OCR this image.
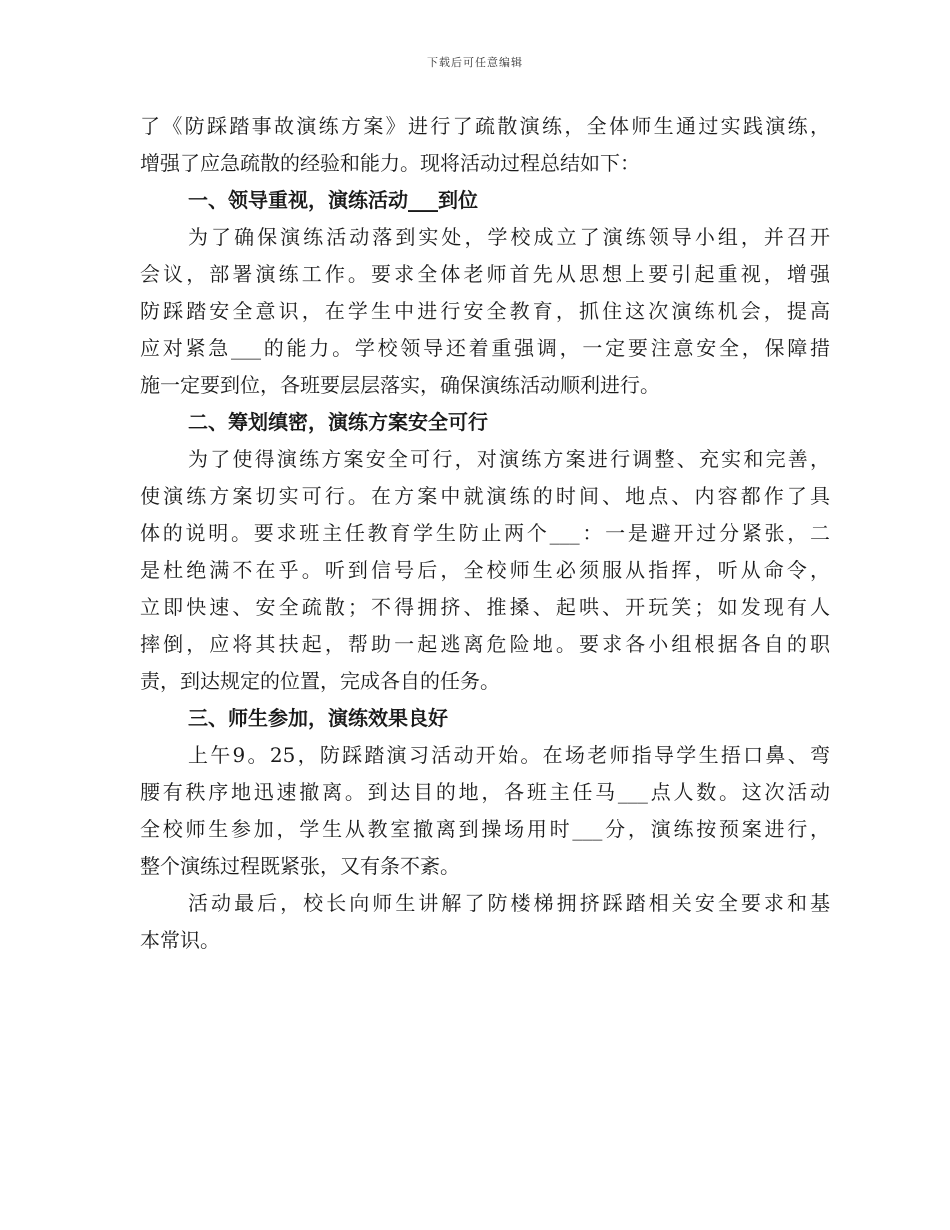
下载后可任意编辑
了《防踩踏事故演练方案》进行了疏散演练，全体师生通过实践演练，
增强了应急疏散的经验和能力。现将活动过程总结如下：
一、领导重视，演练活动___到位
为了确保演练活动落到实处，学校成立了演练领导小组，并召开
会议，部署演练工作。要求全体老师首先从思想上要引起重视，增强
防踩踏安全意识，在学生中进行安全教育，抓住这次演练机会，提高
应对紧急___的能力。学校领导还着重强调，一定要注意安全，保障措
施一定要到位，各班要层层落实，确保演练活动顺利进行。
二、筹划缜密，演练方案安全可行
为了使得演练方案安全可行，对演练方案进行调整、充实和完善，
使演练方案切实可行。在方案中就演练的时间、地点、内容都作了具
体的说明。要求班主任教育学生防止两个___：一是避开过分紧张，二
是杜绝满不在乎。听到信号后，全校师生必须服从指挥，听从命令，
立即快速、安全疏散；不得拥挤、推搡、起哄、开玩笑；如发现有人
摔倒，应将其扶起，帮助一起逃离危险地。要求各小组根据各自的职
责，到达规定的位置，完成各自的任务。
三、师生参加，演练效果良好
上午9。25，防踩踏演习活动开始。在场老师指导学生捂口鼻、弯
腰有秩序地迅速撤离。到达目的地，各班主任马___点人数。这次活动
全校师生参加，学生从教室撤离到操场用时___分，演练按预案进行，
整个演练过程既紧张，又有条不紊。
活动最后，校长向师生讲解了防楼梯拥挤踩踏相关安全要求和基
本常识。
